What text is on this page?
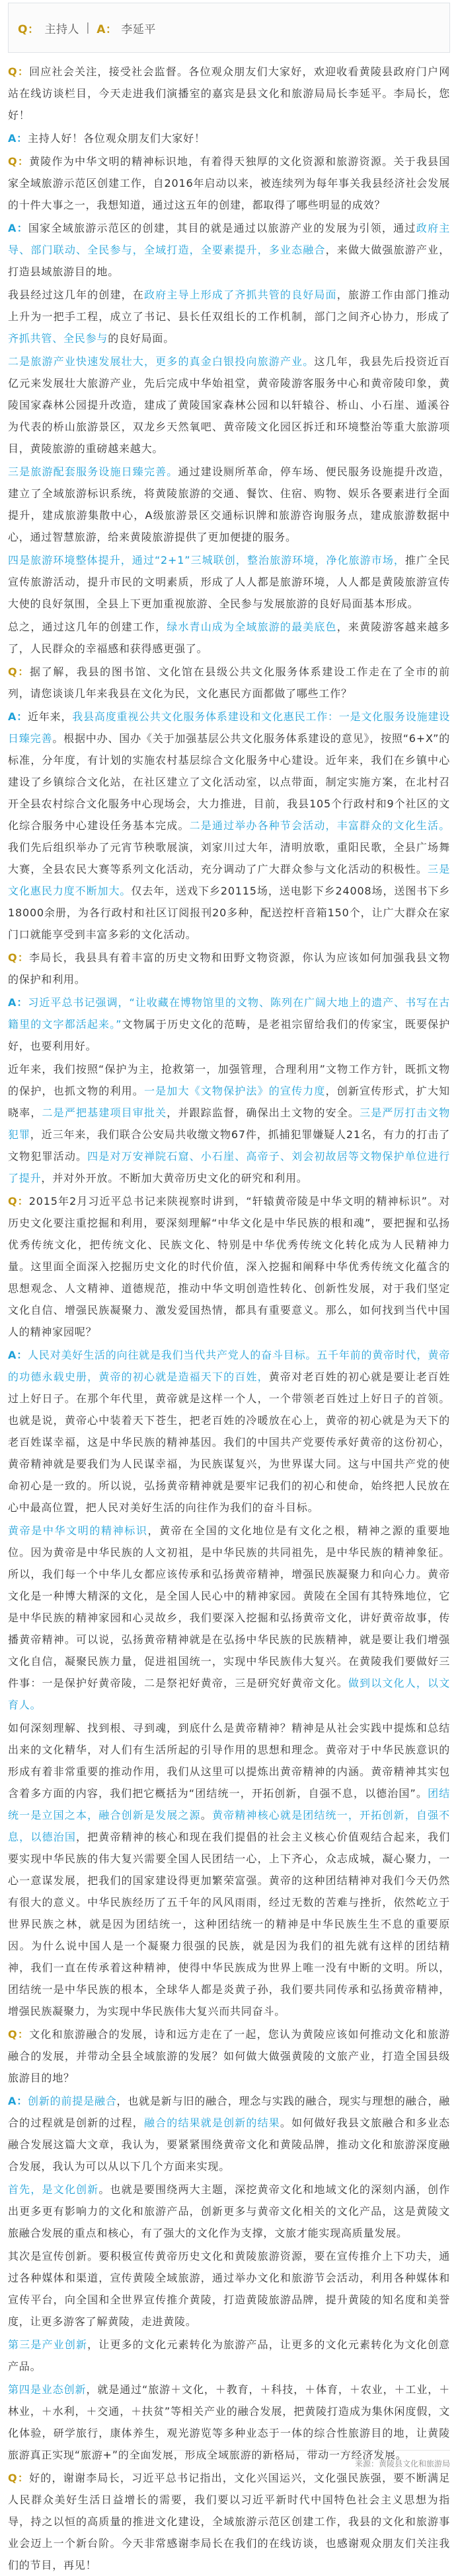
Q： 主持人 | A： 李延平

Q：回应社会关注，接受社会监督。各位观众朋友们大家好，欢迎收看黄陵县政府门户网站在线访谈栏目，今天走进我们演播室的嘉宾是县文化和旅游局局长李延平。李局长，您好！

A：主持人好！各位观众朋友们大家好！

Q：黄陵作为中华文明的精神标识地，有着得天独厚的文化资源和旅游资源。关于我县国家全域旅游示范区创建工作，自2016年启动以来，被连续列为每年事关我县经济社会发展的十件大事之一，我想知道，通过这五年的创建，都取得了哪些明显的成效？

A：国家全域旅游示范区的创建，其目的就是通过以旅游产业的发展为引领，通过政府主导、部门联动、全民参与，全域打造，全要素提升，多业态融合，来做大做强旅游产业，打造县域旅游目的地。

我县经过这几年的创建，在政府主导上形成了齐抓共管的良好局面，旅游工作由部门推动上升为一把手工程，成立了书记、县长任双组长的工作机制，部门之间齐心协力，形成了齐抓共管、全民参与的良好局面。

二是旅游产业快速发展壮大，更多的真金白银投向旅游产业。这几年，我县先后投资近百亿元来发展壮大旅游产业，先后完成中华始祖堂，黄帝陵游客服务中心和黄帝陵印象，黄陵国家森林公园提升改造，建成了黄陵国家森林公园和以轩辕谷、桥山、小石崖、遁溪谷为代表的桥山旅游景区，双龙乡天然氧吧、黄帝陵文化园区拆迁和环境整治等重大旅游项目，黄陵旅游的重磅越来越大。

三是旅游配套服务设施日臻完善。通过建设厕所革命，停车场、便民服务设施提升改造，建立了全域旅游标识系统，将黄陵旅游的交通、餐饮、住宿、购物、娱乐各要素进行全面提升，建成旅游集散中心，A级旅游景区交通标识牌和旅游咨询服务点，建成旅游数据中心，通过智慧旅游，给来黄陵旅游提供了更加便捷的服务。

四是旅游环境整体提升，通过“2+1”三城联创，整治旅游环境，净化旅游市场，推广全民宣传旅游活动，提升市民的文明素质，形成了人人都是旅游环境，人人都是黄陵旅游宣传大使的良好氛围，全县上下更加重视旅游、全民参与发展旅游的良好局面基本形成。

总之，通过这几年的创建工作，绿水青山成为全域旅游的最美底色，来黄陵游客越来越多了，人民群众的幸福感和获得感更强了。

Q：据了解，我县的图书馆、文化馆在县级公共文化服务体系建设工作走在了全市的前列，请您谈谈几年来我县在文化为民，文化惠民方面都做了哪些工作？

A：近年来，我县高度重视公共文化服务体系建设和文化惠民工作：一是文化服务设施建设日臻完善。根据中办、国办《关于加强基层公共文化服务体系建设的意见》，按照“6+X”的标准，分年度，有计划的实施农村基层综合文化服务中心建设。近年来，我们在乡镇中心建设了乡镇综合文化站，在社区建立了文化活动室，以点带面，制定实施方案，在北村召开全县农村综合文化服务中心现场会，大力推进，目前，我县105个行政村和9个社区的文化综合服务中心建设任务基本完成。二是通过举办各种节会活动，丰富群众的文化生活。我们先后组织举办了元宵节秧歌展演，刘家川过大年，清明放歌，重阳民歌，全县广场舞大赛，全县农民大赛等系列文化活动，充分调动了广大群众参与文化活动的积极性。三是文化惠民力度不断加大。仅去年，送戏下乡20115场，送电影下乡24008场，送图书下乡18000余册，为各行政村和社区订阅报刊20多种，配送控杆音箱150个，让广大群众在家门口就能享受到丰富多彩的文化活动。

Q：李局长，我县具有着丰富的历史文物和田野文物资源，你认为应该如何加强我县文物的保护和利用。

A：习近平总书记强调，“让收藏在博物馆里的文物、陈列在广阔大地上的遗产、书写在古籍里的文字都活起来。”文物属于历史文化的范畴，是老祖宗留给我们的传家宝，既要保护好，也要利用好。

近年来，我们按照“保护为主，抢救第一，加强管理，合理利用”文物工作方针，既抓文物的保护，也抓文物的利用。一是加大《文物保护法》的宣传力度，创新宣传形式，扩大知晓率，二是严把基建项目审批关，并跟踪监督，确保出土文物的安全。三是严厉打击文物犯罪，近三年来，我们联合公安局共收缴文物67件，抓捕犯罪嫌疑人21名，有力的打击了文物犯罪活动。四是对万安禅院石窟、小石崖、高帝子、刘会初故居等文物保护单位进行了提升，并对外开放。不断加大黄帝历史文化的研究和利用。

Q：2015年2月习近平总书记来陕视察时讲到，“轩辕黄帝陵是中华文明的精神标识”。对历史文化要注重挖掘和利用，要深刻理解“中华文化是中华民族的根和魂”，要把握和弘扬优秀传统文化，把传统文化、民族文化、特别是中华优秀传统文化转化成为人民精神力量。这里面全面深入挖掘历史文化的时代价值，深入挖掘和阐释中华优秀传统文化蕴含的思想观念、人文精神、道德规范，推动中华文明创造性转化、创新性发展，对于我们坚定文化自信、增强民族凝聚力、激发爱国热情，都具有重要意义。那么，如何找到当代中国人的精神家园呢？

A：人民对美好生活的向往就是我们当代共产党人的奋斗目标。五千年前的黄帝时代，黄帝的功德永载史册，黄帝的初心就是造福天下的百姓，黄帝对老百姓的初心就是要让老百姓过上好日子。在那个年代里，黄帝就是这样一个人，一个带领老百姓过上好日子的首领。也就是说，黄帝心中装着天下苍生，把老百姓的冷暖放在心上，黄帝的初心就是为天下的老百姓谋幸福，这是中华民族的精神基因。我们的中国共产党要传承好黄帝的这份初心，黄帝精神就是要我们为人民谋幸福，为民族谋复兴，为世界谋大同。这与中国共产党的使命初心是一致的。所以说，弘扬黄帝精神就是要牢记我们的初心和使命，始终把人民放在心中最高位置，把人民对美好生活的向往作为我们的奋斗目标。

黄帝是中华文明的精神标识，黄帝在全国的文化地位是有文化之根，精神之源的重要地位。因为黄帝是中华民族的人文初祖，是中华民族的共同祖先，是中华民族的精神象征。所以，我们每一个中华儿女都应该传承和弘扬黄帝精神，增强民族凝聚力和向心力。黄帝文化是一种博大精深的文化，是全国人民心中的精神家园。黄陵在全国有其特殊地位，它是中华民族的精神家园和心灵故乡，我们要深入挖掘和弘扬黄帝文化，讲好黄帝故事，传播黄帝精神。可以说，弘扬黄帝精神就是在弘扬中华民族的民族精神，就是要让我们增强文化自信，凝聚民族力量，促进祖国统一，实现中华民族伟大复兴。在黄陵我们要做好三件事：一是保护好黄帝陵，二是祭祀好黄帝，三是研究好黄帝文化。做到以文化人，以文育人。

如何深刻理解、找到根、寻到魂，到底什么是黄帝精神？精神是从社会实践中提炼和总结出来的文化精华，对人们有生活所起的引导作用的思想和理念。黄帝对于中华民族意识的形成有着非常重要的推动作用，我们从这里可以提炼出黄帝精神的内涵。黄帝精神其实包含着多方面的内容，我们把它概括为“团结统一，开拓创新，自强不息，以德治国”。团结统一是立国之本，融合创新是发展之源。黄帝精神核心就是团结统一，开拓创新，自强不息，以德治国，把黄帝精神的核心和现在我们提倡的社会主义核心价值观结合起来，我们要实现中华民族的伟大复兴需要全国人民团结一心，上下齐心，众志成城，凝心聚力，一心一意谋发展，把我们的国家建设得更加繁荣富强。黄帝的这种团结精神对我们今天仍然有很大的意义。中华民族经历了五千年的风风雨雨，经过无数的苦难与挫折，依然屹立于世界民族之林，就是因为团结统一，这种团结统一的精神是中华民族生生不息的重要原因。为什么说中国人是一个凝聚力很强的民族，就是因为我们的祖先就有这样的团结精神，我们一直在传承着这种精神，使得中华民族成为世界上唯一没有中断的文明。所以，团结统一是中华民族的根本，全球华人都是炎黄子孙，我们要共同传承和弘扬黄帝精神，增强民族凝聚力，为实现中华民族伟大复兴而共同奋斗。

Q：文化和旅游融合的发展，诗和远方走在了一起，您认为黄陵应该如何推动文化和旅游融合的发展，并带动全县全域旅游的发展？如何做大做强黄陵的文旅产业，打造全国县级旅游目的地？

A：创新的前提是融合，也就是新与旧的融合，理念与实践的融合，现实与理想的融合，融合的过程就是创新的过程，融合的结果就是创新的结果。如何做好我县文旅融合和多业态融合发展这篇大文章，我认为，要紧紧围绕黄帝文化和黄陵品牌，推动文化和旅游深度融合发展，我认为可以从以下几个方面来实现。

首先，是文化创新。也就是要围绕两大主题，深挖黄帝文化和地域文化的深刻内涵，创作出更多更有影响力的文化和旅游产品，创新更多与黄帝文化相关的文化产品，这是黄陵文旅融合发展的重点和核心，有了强大的文化作为支撑，文旅才能实现高质量发展。

其次是宣传创新。要积极宣传黄帝历史文化和黄陵旅游资源，要在宣传推介上下功夫，通过各种媒体和渠道，宣传黄陵全域旅游，通过举办文化和旅游节会活动，利用各种媒体和宣传平台，向全国和全世界宣传推介黄陵，打造黄陵旅游品牌，提升黄陵的知名度和美誉度，让更多游客了解黄陵，走进黄陵。

第三是产业创新，让更多的文化元素转化为旅游产品，让更多的文化元素转化为文化创意产品。

第四是业态创新，就是通过“旅游＋文化，＋教育，＋科技，＋体育，＋农业，＋工业，＋林业，＋水利，＋交通，＋扶贫”等相关产业的融合发展，把黄陵打造成为集休闲度假，文化体验，研学旅行，康体养生，观光游览等多种业态于一体的综合性旅游目的地，让黄陵旅游真正实现“旅游+”的全面发展，形成全域旅游的新格局，带动一方经济发展。

Q：好的，谢谢李局长，习近平总书记指出，文化兴国运兴，文化强民族强，要不断满足人民群众美好生活日益增长的需要，我们要以习近平新时代中国特色社会主义思想为指导，持之以恒的高质量的推进文化建设，全域旅游示范区创建工作，我县的文化和旅游事业会迈上一个新台阶。今天非常感谢李局长在我们的在线访谈，也感谢观众朋友们关注我们的节目，再见！

来源：黄陵县文化和旅游局
